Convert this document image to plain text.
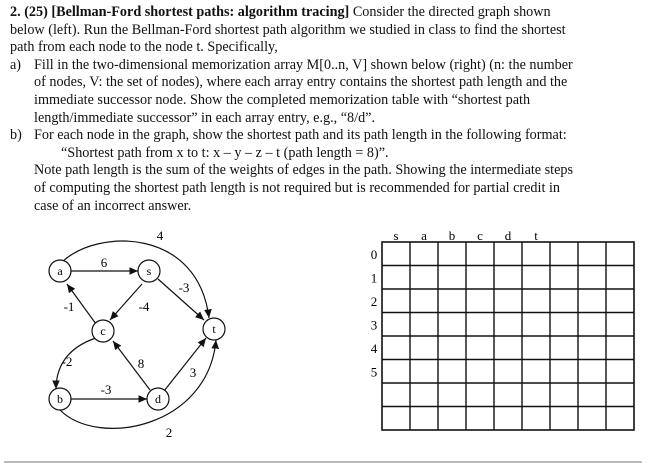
2. (25) [Bellman-Ford shortest paths: algorithm tracing] Consider the directed graph shown
below (left). Run the Bellman-Ford shortest path algorithm we studied in class to find the shortest
path from each node to the node t. Specifically,
a) Fill in the two-dimensional memorization array M[0..n, V] shown below (right) (n: the number
of nodes, V: the set of nodes), where each array entry contains the shortest path length and the
immediate successor node. Show the completed memorization table with “shortest path
length/immediate successor” in each array entry, e.g., “8/d”.
b) For each node in the graph, show the shortest path and its path length in the following format:
“Shortest path from x to t: x – y – z – t (path length = 8)”.
Note path length is the sum of the weights of edges in the path. Showing the intermediate steps
of computing the shortest path length is not required but is recommended for partial credit in
case of an incorrect answer.
4
6
-3
-4
-1
-2	8
3
-3
2
a	s
c	t
b	d
s a b c d t
0
1
2
3
4
5
